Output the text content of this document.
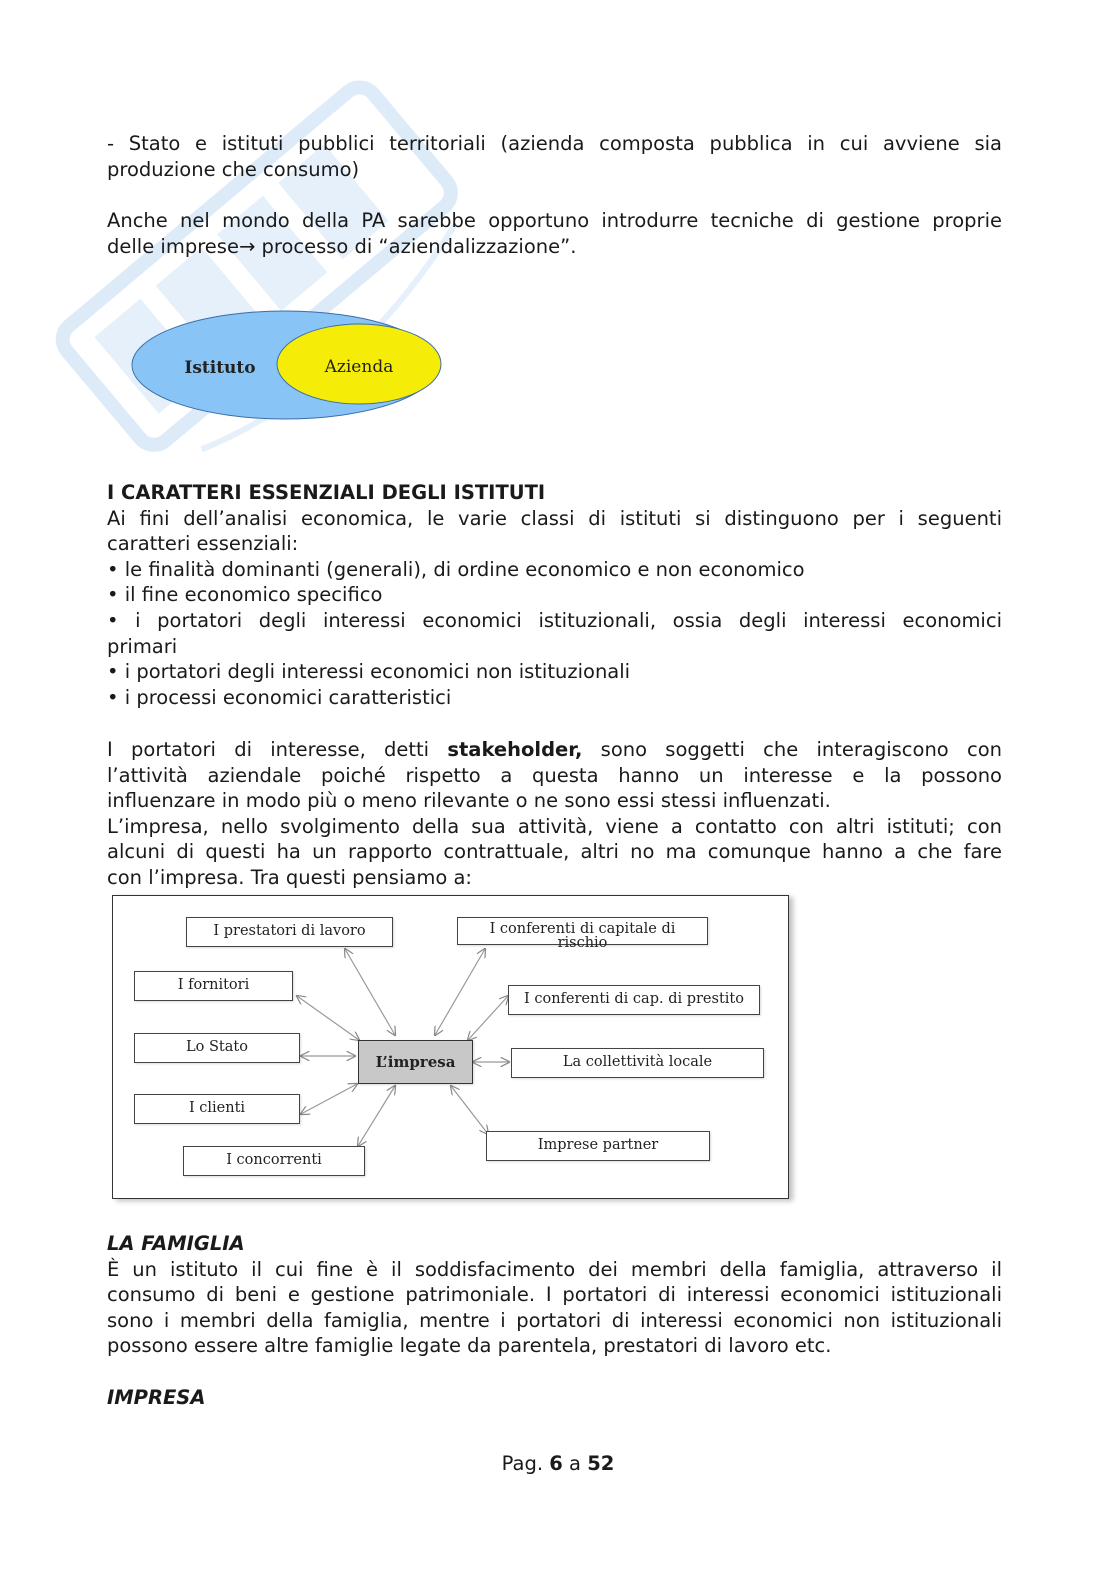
- Stato e istituti pubblici territoriali (azienda composta pubblica in cui avviene sia
produzione che consumo)
Anche nel mondo della PA sarebbe opportuno introdurre tecniche di gestione proprie
delle imprese→ processo di “aziendalizzazione”.
Istituto	Azienda
I CARATTERI ESSENZIALI DEGLI ISTITUTI
Ai fini dell’analisi economica, le varie classi di istituti si distinguono per i seguenti
caratteri essenziali:
• le finalità dominanti (generali), di ordine economico e non economico
• il fine economico specifico
• i portatori degli interessi economici istituzionali, ossia degli interessi economici
primari
• i portatori degli interessi economici non istituzionali
• i processi economici caratteristici
I portatori di interesse, detti stakeholder, sono soggetti che interagiscono con
l’attività aziendale poiché rispetto a questa hanno un interesse e la possono
influenzare in modo più o meno rilevante o ne sono essi stessi influenzati.
L’impresa, nello svolgimento della sua attività, viene a contatto con altri istituti; con
alcuni di questi ha un rapporto contrattuale, altri no ma comunque hanno a che fare
con l’impresa. Tra questi pensiamo a:
I prestatori di lavoro	I conferenti di capitale di
rischio
I fornitori
I conferenti di cap. di prestito
Lo Stato
L’impresa	La collettività locale
I clienti
Imprese partner
I concorrenti
LA FAMIGLIA
È un istituto il cui fine è il soddisfacimento dei membri della famiglia, attraverso il
consumo di beni e gestione patrimoniale. I portatori di interessi economici istituzionali
sono i membri della famiglia, mentre i portatori di interessi economici non istituzionali
possono essere altre famiglie legate da parentela, prestatori di lavoro etc.
IMPRESA
Pag. 6 a 52
